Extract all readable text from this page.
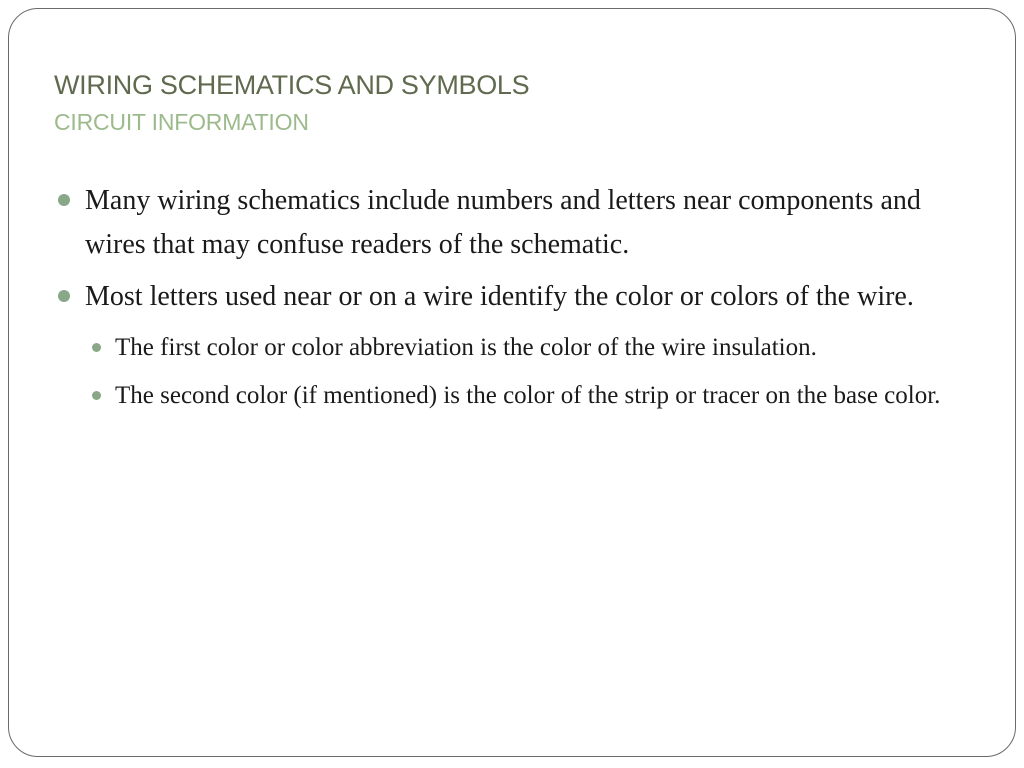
WIRING SCHEMATICS AND SYMBOLS
CIRCUIT INFORMATION
Many wiring schematics include numbers and letters near components and wires that may confuse readers of the schematic.
Most letters used near or on a wire identify the color or colors of the wire.
The first color or color abbreviation is the color of the wire insulation.
The second color (if mentioned) is the color of the strip or tracer on the base color.
